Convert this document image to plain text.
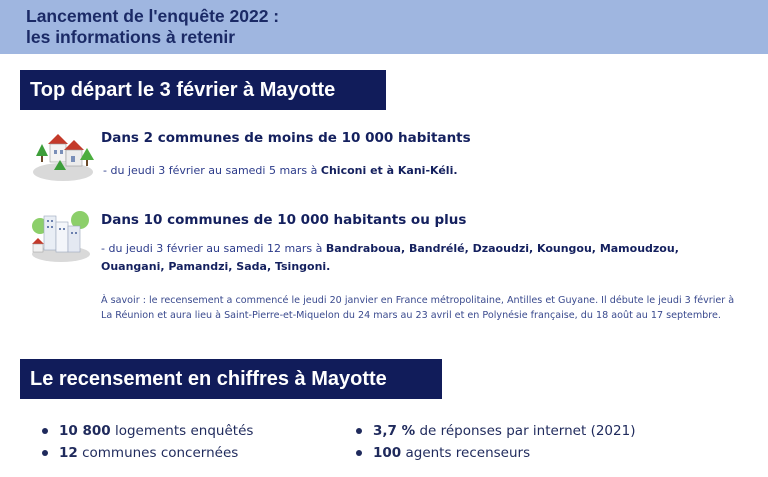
Lancement de l'enquête 2022 :
les informations à retenir
Top départ le 3 février à Mayotte
Dans 2 communes de moins de 10 000 habitants

- du jeudi 3 février au samedi 5 mars à Chiconi et à Kani-Kéli.

Dans 10 communes de 10 000 habitants ou plus

- du jeudi 3 février au samedi 12 mars à Bandraboua, Bandrélé, Dzaoudzi, Koungou, Mamoudzou, Ouangani, Pamandzi, Sada, Tsingoni.

À savoir : le recensement a commencé le jeudi 20 janvier en France métropolitaine, Antilles et Guyane. Il débute le jeudi 3 février à La Réunion et aura lieu à Saint-Pierre-et-Miquelon du 24 mars au 23 avril et en Polynésie française, du 18 août au 17 septembre.

Le recensement en chiffres à Mayotte
10 800 logements enquêtés
12 communes concernées
3,7 % de réponses par internet (2021)
100 agents recenseurs
